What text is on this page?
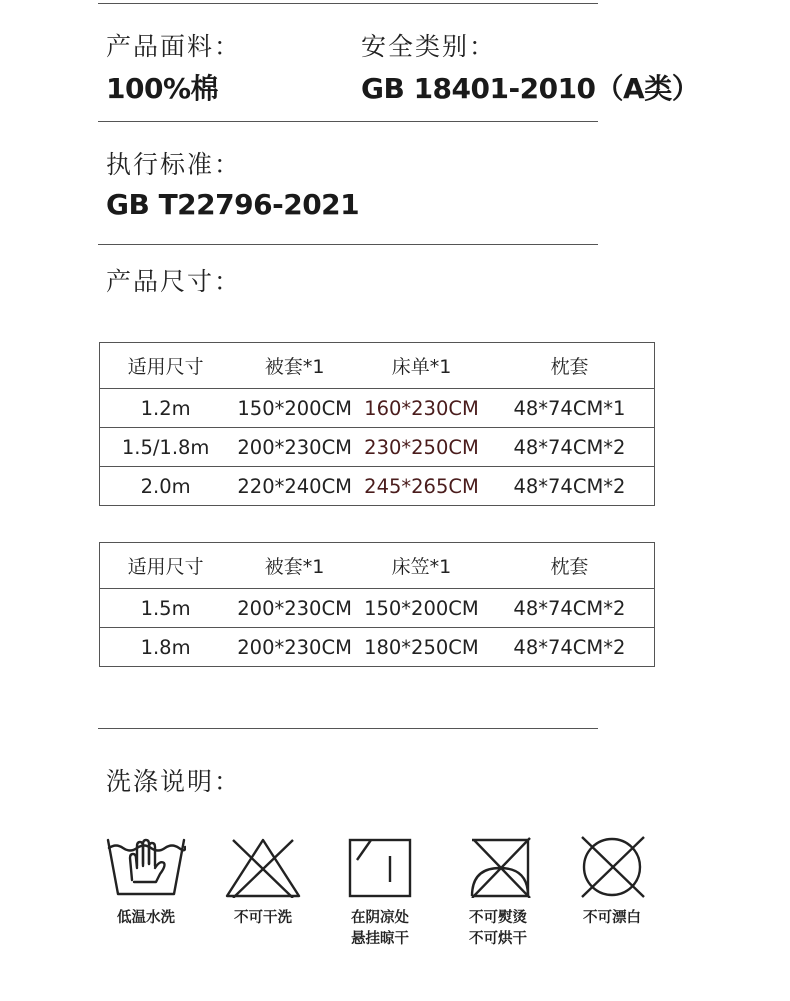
产品面料：
100%棉
安全类别：
GB 18401-2010（A类）
执行标准：
GB T22796-2021
产品尺寸：
适用尺寸	被套*1	床单*1	枕套
1.2m	150*200CM	160*230CM	48*74CM*1
1.5/1.8m	200*230CM	230*250CM	48*74CM*2
2.0m	220*240CM	245*265CM	48*74CM*2
适用尺寸	被套*1	床笠*1	枕套
1.5m	200*230CM	150*200CM	48*74CM*2
1.8m	200*230CM	180*250CM	48*74CM*2
洗涤说明：
低温水洗	不可干洗	在阴凉处
悬挂晾干
不可熨烫
不可烘干
不可漂白
